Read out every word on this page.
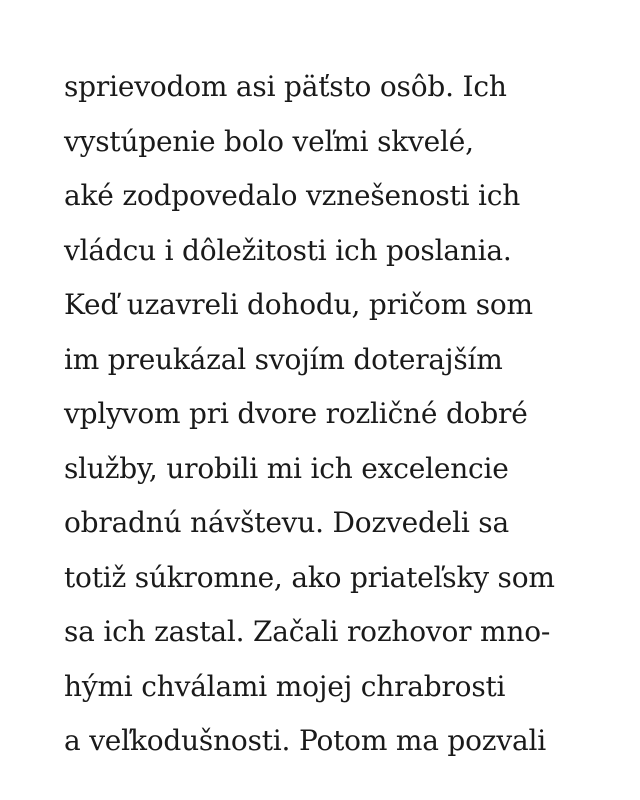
sprievodom asi päťsto osôb. Ich
vystúpenie bolo veľmi skvelé,
aké zodpovedalo vznešenosti ich
vládcu i dôležitosti ich poslania.
Keď uzavreli dohodu, pričom som
im preukázal svojím doterajším
vplyvom pri dvore rozličné dobré
služby, urobili mi ich excelencie
obradnú návštevu. Dozvedeli sa
totiž súkromne, ako priateľsky som
sa ich zastal. Začali rozhovor mno-
hými chválami mojej chrabrosti
a veľkodušnosti. Potom ma pozvali
